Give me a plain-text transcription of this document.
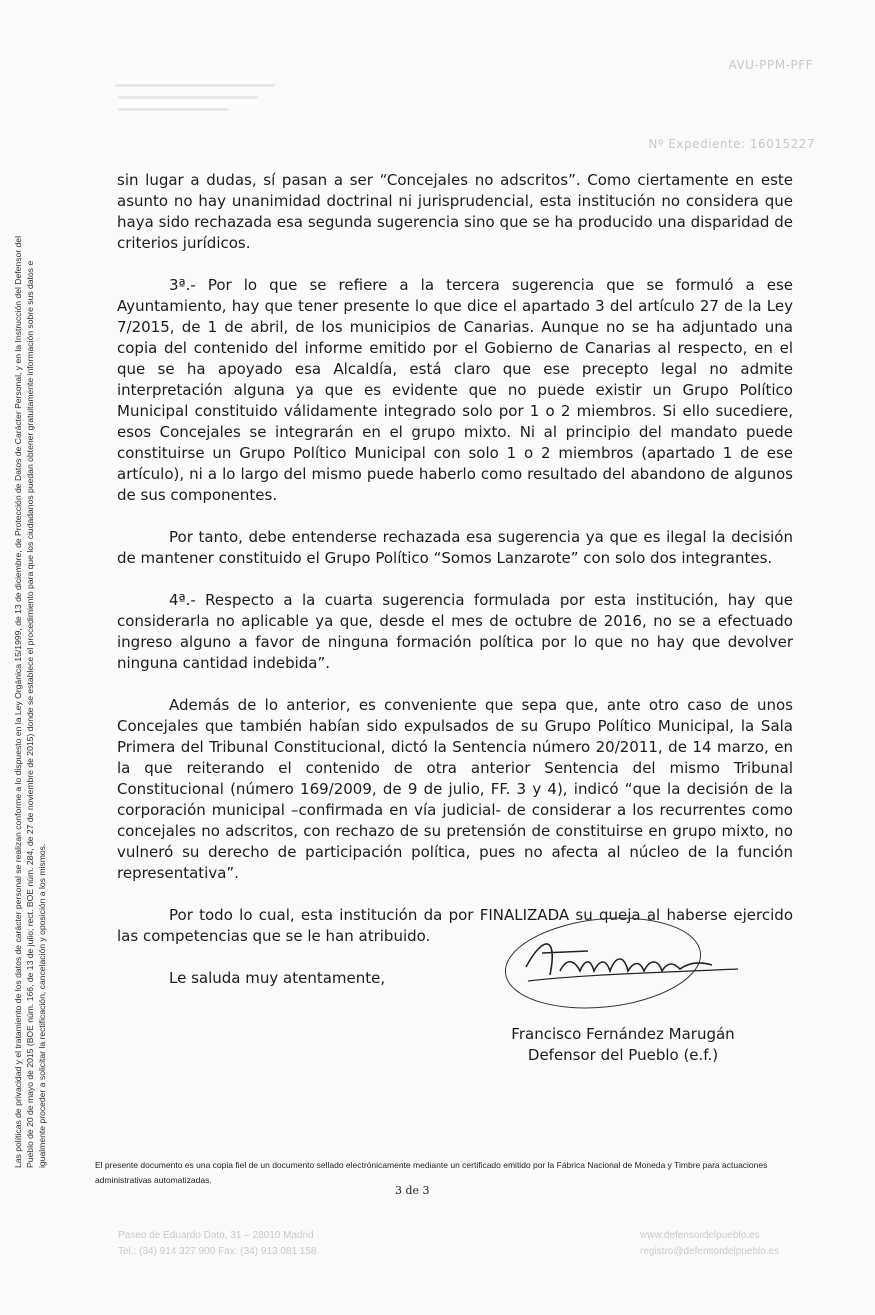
AVU-PPM-PFF
Nº Expediente: 16015227

sin lugar a dudas, sí pasan a ser “Concejales no adscritos”. Como ciertamente en este asunto no hay unanimidad doctrinal ni jurisprudencial, esta institución no considera que haya sido rechazada esa segunda sugerencia sino que se ha producido una disparidad de criterios jurídicos.

3ª.- Por lo que se refiere a la tercera sugerencia que se formuló a ese Ayuntamiento, hay que tener presente lo que dice el apartado 3 del artículo 27 de la Ley 7/2015, de 1 de abril, de los municipios de Canarias. Aunque no se ha adjuntado una copia del contenido del informe emitido por el Gobierno de Canarias al respecto, en el que se ha apoyado esa Alcaldía, está claro que ese precepto legal no admite interpretación alguna ya que es evidente que no puede existir un Grupo Político Municipal constituido válidamente integrado solo por 1 o 2 miembros. Si ello sucediere, esos Concejales se integrarán en el grupo mixto. Ni al principio del mandato puede constituirse un Grupo Político Municipal con solo 1 o 2 miembros (apartado 1 de ese artículo), ni a lo largo del mismo puede haberlo como resultado del abandono de algunos de sus componentes.

Por tanto, debe entenderse rechazada esa sugerencia ya que es ilegal la decisión de mantener constituido el Grupo Político “Somos Lanzarote” con solo dos integrantes.

4ª.- Respecto a la cuarta sugerencia formulada por esta institución, hay que considerarla no aplicable ya que, desde el mes de octubre de 2016, no se a efectuado ingreso alguno a favor de ninguna formación política por lo que no hay que devolver ninguna cantidad indebida”.

Además de lo anterior, es conveniente que sepa que, ante otro caso de unos Concejales que también habían sido expulsados de su Grupo Político Municipal, la Sala Primera del Tribunal Constitucional, dictó la Sentencia número 20/2011, de 14 marzo, en la que reiterando el contenido de otra anterior Sentencia del mismo Tribunal Constitucional (número 169/2009, de 9 de julio, FF. 3 y 4), indicó “que la decisión de la corporación municipal –confirmada en vía judicial- de considerar a los recurrentes como concejales no adscritos, con rechazo de su pretensión de constituirse en grupo mixto, no vulneró su derecho de participación política, pues no afecta al núcleo de la función representativa”.

Por todo lo cual, esta institución da por FINALIZADA su queja al haberse ejercido las competencias que se le han atribuido.

Le saluda muy atentamente,

Francisco Fernández Marugán
Defensor del Pueblo (e.f.)
Las políticas de privacidad y el tratamiento de los datos de carácter personal se realizan conforme a lo dispuesto en la Ley Orgánica 15/1999, de 13 de diciembre, de Protección de Datos de Carácter Personal, y en la Instrucción del Defensor del Pueblo de 20 de mayo de 2015 (BOE núm. 166, de 13 de julio; rect. BOE núm. 284, de 27 de noviembre de 2015) donde se establece el procedimiento para que los ciudadanos puedan obtener gratuitamente información sobre sus datos e igualmente proceder a solicitar la rectificación, cancelación y oposición a los mismos.	El presente documento es una copia fiel de un documento sellado electrónicamente mediante un certificado emitido por la Fábrica Nacional de Moneda y Timbre para actuaciones administrativas automatizadas.
3 de 3
Paseo de Eduardo Dato, 31 – 28010 Madrid
Tel.: (34) 914 327 900 Fax: (34) 913 081 158
www.defensordelpueblo.es
registro@defensordelpueblo.es
